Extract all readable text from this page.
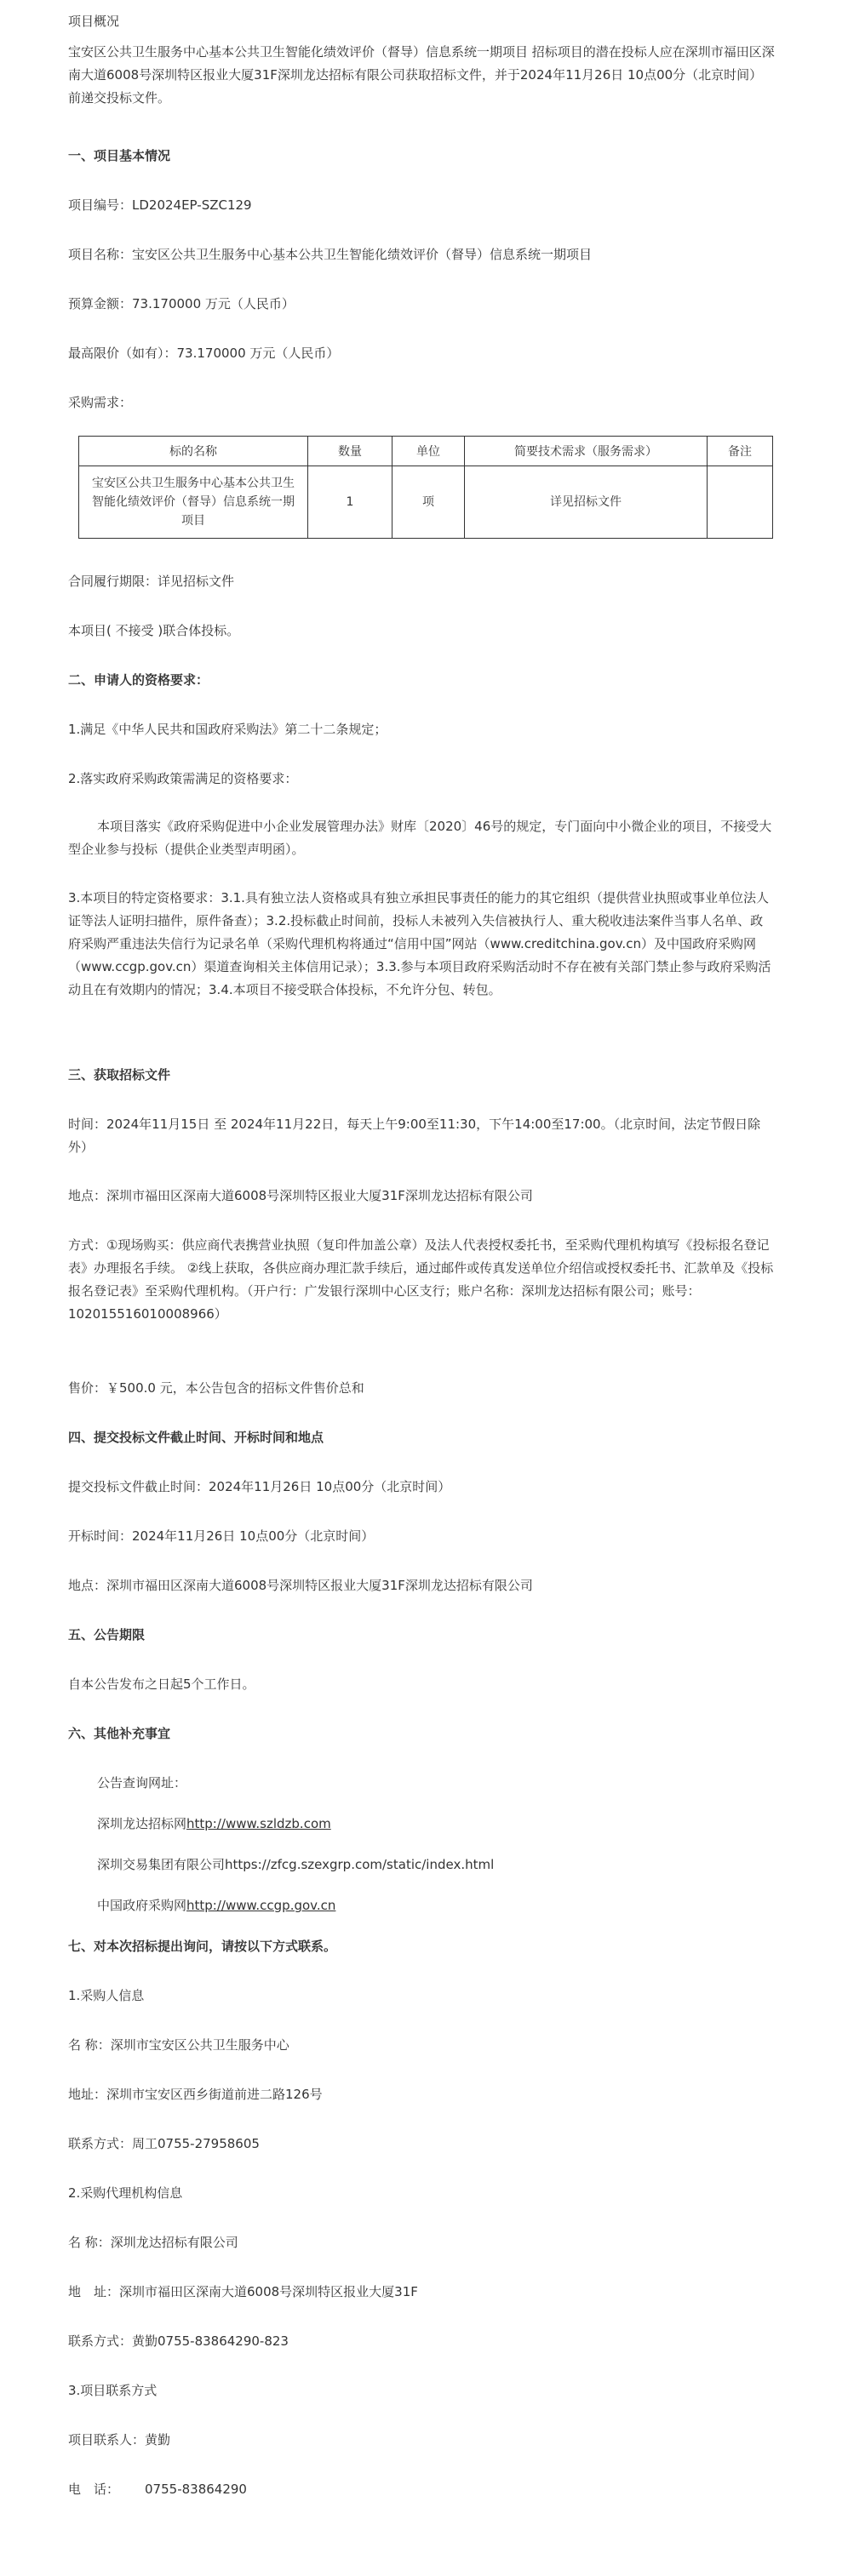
项目概况

宝安区公共卫生服务中心基本公共卫生智能化绩效评价（督导）信息系统一期项目 招标项目的潜在投标人应在深圳市福田区深南大道6008号深圳特区报业大厦31F深圳龙达招标有限公司获取招标文件，并于2024年11月26日 10点00分（北京时间）前递交投标文件。

一、项目基本情况

项目编号：LD2024EP-SZC129

项目名称：宝安区公共卫生服务中心基本公共卫生智能化绩效评价（督导）信息系统一期项目

预算金额：73.170000 万元（人民币）

最高限价（如有）：73.170000 万元（人民币）

采购需求：

标的名称	数量	单位	简要技术需求（服务需求）	备注
宝安区公共卫生服务中心基本公共卫生智能化绩效评价（督导）信息系统一期项目	1	项	详见招标文件	

合同履行期限：详见招标文件

本项目( 不接受 )联合体投标。

二、申请人的资格要求：

1.满足《中华人民共和国政府采购法》第二十二条规定；

2.落实政府采购政策需满足的资格要求：

本项目落实《政府采购促进中小企业发展管理办法》财库〔2020〕46号的规定，专门面向中小微企业的项目，不接受大型企业参与投标（提供企业类型声明函）。

3.本项目的特定资格要求：3.1.具有独立法人资格或具有独立承担民事责任的能力的其它组织（提供营业执照或事业单位法人证等法人证明扫描件，原件备查）；3.2.投标截止时间前，投标人未被列入失信被执行人、重大税收违法案件当事人名单、政府采购严重违法失信行为记录名单（采购代理机构将通过“信用中国”网站（www.creditchina.gov.cn）及中国政府采购网（www.ccgp.gov.cn）渠道查询相关主体信用记录）；3.3.参与本项目政府采购活动时不存在被有关部门禁止参与政府采购活动且在有效期内的情况；3.4.本项目不接受联合体投标，不允许分包、转包。

三、获取招标文件

时间：2024年11月15日 至 2024年11月22日，每天上午9:00至11:30，下午14:00至17:00。（北京时间，法定节假日除外）

地点：深圳市福田区深南大道6008号深圳特区报业大厦31F深圳龙达招标有限公司

方式：①现场购买：供应商代表携营业执照（复印件加盖公章）及法人代表授权委托书，至采购代理机构填写《投标报名登记表》办理报名手续。 ②线上获取，各供应商办理汇款手续后，通过邮件或传真发送单位介绍信或授权委托书、汇款单及《投标报名登记表》至采购代理机构。（开户行：广发银行深圳中心区支行；账户名称：深圳龙达招标有限公司；账号：102015516010008966）

售价：￥500.0 元，本公告包含的招标文件售价总和

四、提交投标文件截止时间、开标时间和地点

提交投标文件截止时间：2024年11月26日 10点00分（北京时间）

开标时间：2024年11月26日 10点00分（北京时间）

地点：深圳市福田区深南大道6008号深圳特区报业大厦31F深圳龙达招标有限公司

五、公告期限

自本公告发布之日起5个工作日。

六、其他补充事宜

公告查询网址：

深圳龙达招标网http://www.szldzb.com

深圳交易集团有限公司https://zfcg.szexgrp.com/static/index.html

中国政府采购网http://www.ccgp.gov.cn

七、对本次招标提出询问，请按以下方式联系。

1.采购人信息

名 称：深圳市宝安区公共卫生服务中心

地址：深圳市宝安区西乡街道前进二路126号

联系方式：周工0755-27958605

2.采购代理机构信息

名 称：深圳龙达招标有限公司

地　址：深圳市福田区深南大道6008号深圳特区报业大厦31F

联系方式：黄勤0755-83864290-823

3.项目联系方式

项目联系人：黄勤

电　话： 0755-83864290
